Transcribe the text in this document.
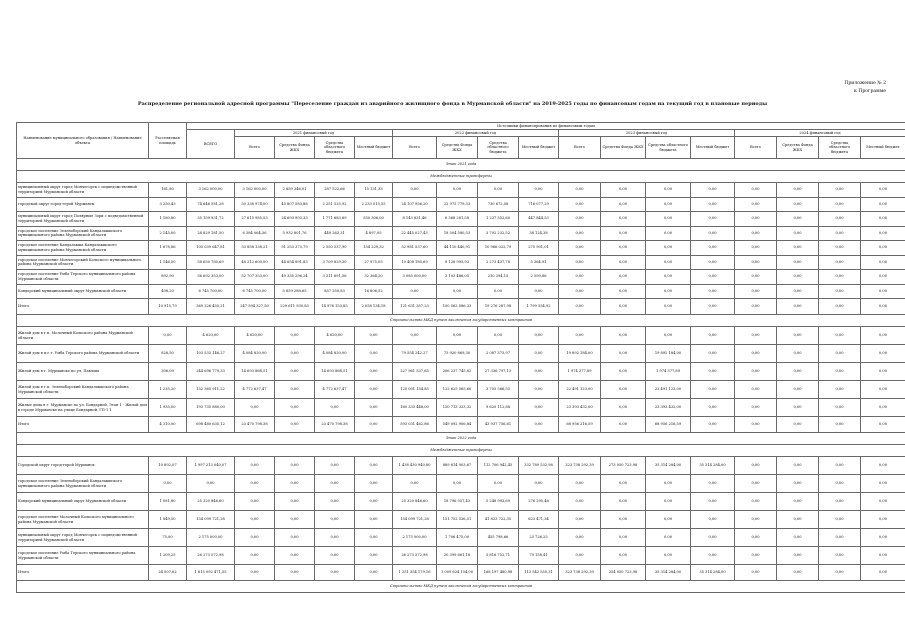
Приложение № 2
к Программе
Распределение региональной адресной программы "Переселение граждан из аварийного жилищного фонда в Мурманской области" на 2019-2025 годы по финансовым годам на текущий год в плановые периоды
Наименование муниципального образования / Наименование объекта	Расселяемая площадь	Источники финансирования по финансовым годам																
		ВСЕГО	2021 финансовый год				2022 финансовый год				2023 финансовый год				2024 финансовый год			
			Всего	Средства Фонда ЖКХ	Средства областного бюджета	Местный бюджет	Всего	Средства Фонда ЖКХ	Средства областного бюджета	Местный бюджет	Всего	Средства Фонда ЖКХ	Средства областного бюджета	Местный бюджет	Всего	Средства Фонда ЖКХ	Средства областного бюджета	Местный бюджет
Этап 2021 года																		
Межбюджетные трансферты																		
муниципальный округ город Мончегорск с подведомственной территорией Мурманской области	161,80	3 162 000,00	3 162 000,00	2 859 346,01	287 522,66	15 131,33	0,00	0,00	0,00	0,00	0,00	0,00	0,00	0,00	0,00	0,00	0,00	0,00
городской округ город-герой Мурманск	3 250,43	74 646 581,28	50 338 974,00	45 807 583,88	2 251 525,92	2 233 515,55	24 107 956,20	22 975 779,33	730 672,58	716 077,29	0,00	0,00	0,00	0,00	0,00	0,00	0,00	0,00
муниципальный округ город Полярные Зори с подведомственной территорией Мурманской области	1 160,80	35 159 931,72	27 615 985,53	24 693 993,33	1 771 683,89	550 306,00	8 143 831,46	6 368 281,58	1 237 552,60	447 844,53	0,00	0,00	0,00	0,00	0,00	0,00	0,00	0,00
городское поселение Зеленоборский Кандалакшского муниципального района Мурманской области	2 145,00	28 829 181,50	6 384 064,36	5 932 801,76	449 263,31	4 897,05	22 445 027,43	18 504 580,53	3 792 232,52	38 124,38	0,00	0,00	0,00	0,00	0,00	0,00	0,00	0,00
городское поселение Кандалакша Кандалакшского муниципального района Мурманской области	1 678,86	105 039 647,81	53 858 138,21	51 253 373,79	2 550 537,90	154 229,32	52 981 537,60	44 110 440,91	10 966 022,79	275 901,01	0,00	0,00	0,00	0,00	0,00	0,00	0,00	0,00
городское поселение Мончегорский Кольского муниципального района Мурманской области	1 146,50	58 650 780,69	48 212 600,00	44 654 891,85	3 709 829,30	27 975,05	10 408 180,69	8 128 995,93	2 273 437,78	5 364,91	0,00	0,00	0,00	0,00	0,00	0,00	0,00	0,00
городское поселение Умба Терского муниципального района Мурманской области	892,90	56 692 353,00	52 707 353,00	49 335 296,24	3 311 691,56	32 364,20	3 085 000,00	3 103 486,05	210 294,15	2 599,86	0,00	0,00	0,00	0,00	0,00	0,00	0,00	0,00
Ковдорский муниципальный округ Мурманской области	408,20	6 745 700,00	6 745 700,00	5 859 288,65	857 250,83	16 806,52	0,00	0,00	0,00	0,00	0,00	0,00	0,00	0,00	0,00	0,00	0,00	0,00
Итого	10 915,79	369 226 455,21	247 594 327,50	229 611 930,83	14 976 153,85	2 058 134,18	121 631 357,23	100 562 586,33	19 276 287,98	1 799 554,92	0,00	0,00	0,00	0,00	0,00	0,00	0,00	0,00
Строительство МКД путем заключения государственных контрактов																		
Жилой дом в г.п. Молочный Кольского района Мурманской области	0,00	4 620,00	4 620,00	0,00	4 620,00	0,00	0,00	0,00	0,00	0,00	0,00	0,00	0,00	0,00	0,00	0,00	0,00	0,00
Жилой дом в п.г.т. Умба Терского района Мурманской области	828,50	103 533 146,27	4 084 820,00	0,00	4 084 820,00	0,00	79 554 242,27	75 920 869,30	2 087 375,97	0,00	19 892 184,00	0,00	19 892 184,00	0,00	0,00	0,00	0,00	0,00
Жилой дом в г. Мурманске по ул. Павлова	306,09	244 696 779,33	14 693 868,51	0,00	14 693 868,51	0,00	227 961 537,65	206 237 745,82	27 336 797,13	0,00	1 974 377,89	0,00	1 974 377,89	0,00	0,00	0,00	0,00	0,00
Жилой дом в г.п. Зеленоборский Кандалакшского района Мурманской области	1 235,20	152 365 911,22	4 772 637,47	0,00	4 772 637,47	0,00	125 001 154,85	122 625 565,60	3 755 566,55	0,00	22 491 123,00	0,00	22 491 123,00	0,00	0,00	0,00	0,00	0,00
Жилые дома в г. Мурманске по ул. Бондарной, Этап 1 - Жилой дом в городе Мурманске на улице Бондарной, ГП-1 1	1 935,00	193 735 880,00	0,00	0,00	0,00	0,00	160 333 448,00	150 713 333,32	9 620 112,88	0,00	23 393 432,00	0,00	23 393 432,00	0,00	0,00	0,00	0,00	0,00
Итого	4 310,00	698 480 635,12	23 470 798,38	0,00	23 470 798,38	0,00	593 031 462,86	549 092 906,84	43 937 756,81	0,00	68 956 216,59	0,00	68 956 216,59	0,00	0,00	0,00	0,00	0,00
Этап 2022 года																		
Межбюджетные трансферты																		
Городской округ город-герой Мурманск	10 892,07	1 997 213 040,07	0,00	0,00	0,00	0,00	1 438 430 940,80	889 614 903,67	112 706 942,45	332 789 532,98	323 738 292,39	273 050 723,98	35 314 284,00	35 314 284,00	0,00	0,00	0,00	0,00
городское поселение Зеленоборский Кандалакшского муниципального района Мурманской области	0,00	0,00	0,00	0,00	0,00	0,00	0,00	0,00	0,00	0,00	0,00	0,00	0,00	0,00	0,00	0,00	0,00	0,00
Ковдорский муниципальный округ Мурманской области	1 081,80	25 320 846,60	0,00	0,00	0,00	0,00	25 320 846,60	18 796 557,43	5 248 993,69	276 295,46	0,00	0,00	0,00	0,00	0,00	0,00	0,00	0,00
городское поселение Молочный Кольского муниципального района Мурманской области	1 849,50	154 099 721,28	0,00	0,00	0,00	0,00	154 099 721,28	151 752 536,51	41 823 722,35	623 471,34	0,00	0,00	0,00	0,00	0,00	0,00	0,00	0,00
муниципальный округ город Мончегорск с подведомственной территорией Мурманской области	75,00	2 175 000,00	0,00	0,00	0,00	0,00	2 175 000,00	1 706 475,00	455 798,66	23 726,25	0,00	0,00	0,00	0,00	0,00	0,00	0,00	0,00
городское поселение Умба Терского муниципального района Мурманской области	1 209,25	26 273 572,98	0,00	0,00	0,00	0,00	26 273 572,98	20 399 661,18	5 816 752,71	79 158,41	0,00	0,00	0,00	0,00	0,00	0,00	0,00	0,00
Итого	24 507,62	1 815 092 471,55	0,00	0,00	0,00	0,00	1 251 354 179,16	1 009 624 154,00	168 197 480,98	113 542 555,31	323 738 292,39	254 050 723,98	35 314 284,00	35 314 284,00	0,00	0,00	0,00	0,00
Строительство МКД путем заключения государственных контрактов																		
